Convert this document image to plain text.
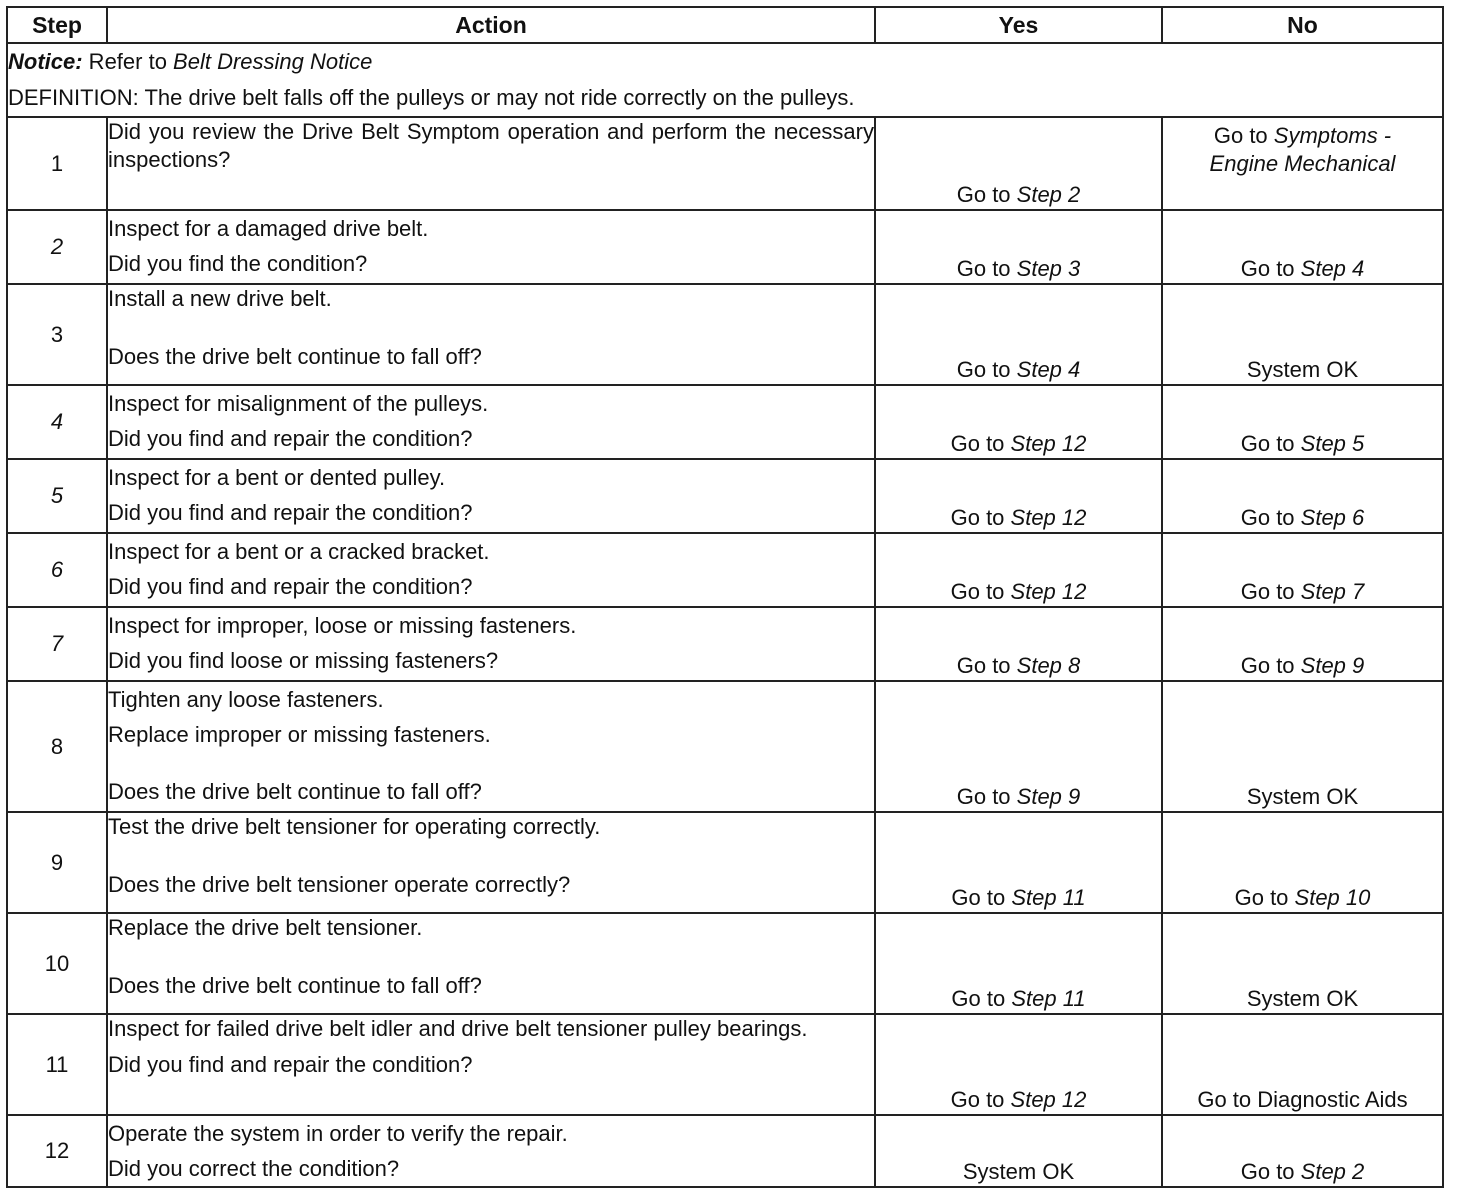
Step	Action	Yes	No

Notice: Refer to Belt Dressing Notice
DEFINITION: The drive belt falls off the pulleys or may not ride correctly on the pulleys.			

1	Did you review the Drive Belt Symptom operation and perform the necessary inspections?	Go to Step 2	Go to Symptoms - Engine Mechanical

2	Inspect for a damaged drive belt.
Did you find the condition?	Go to Step 3	Go to Step 4
3	Install a new drive belt.
Does the drive belt continue to fall off?	Go to Step 4	System OK
4	Inspect for misalignment of the pulleys.
Did you find and repair the condition?	Go to Step 12	Go to Step 5
5	Inspect for a bent or dented pulley.
Did you find and repair the condition?	Go to Step 12	Go to Step 6
6	Inspect for a bent or a cracked bracket.
Did you find and repair the condition?	Go to Step 12	Go to Step 7
7	Inspect for improper, loose or missing fasteners.
Did you find loose or missing fasteners?	Go to Step 8	Go to Step 9
8	Tighten any loose fasteners.
Replace improper or missing fasteners.
Does the drive belt continue to fall off?	Go to Step 9	System OK
9	Test the drive belt tensioner for operating correctly.
Does the drive belt tensioner operate correctly?	Go to Step 11	Go to Step 10
10	Replace the drive belt tensioner.
Does the drive belt continue to fall off?	Go to Step 11	System OK
11	Inspect for failed drive belt idler and drive belt tensioner pulley bearings.
Did you find and repair the condition?	Go to Step 12	Go to Diagnostic Aids
12	Operate the system in order to verify the repair.
Did you correct the condition?	System OK	Go to Step 2
